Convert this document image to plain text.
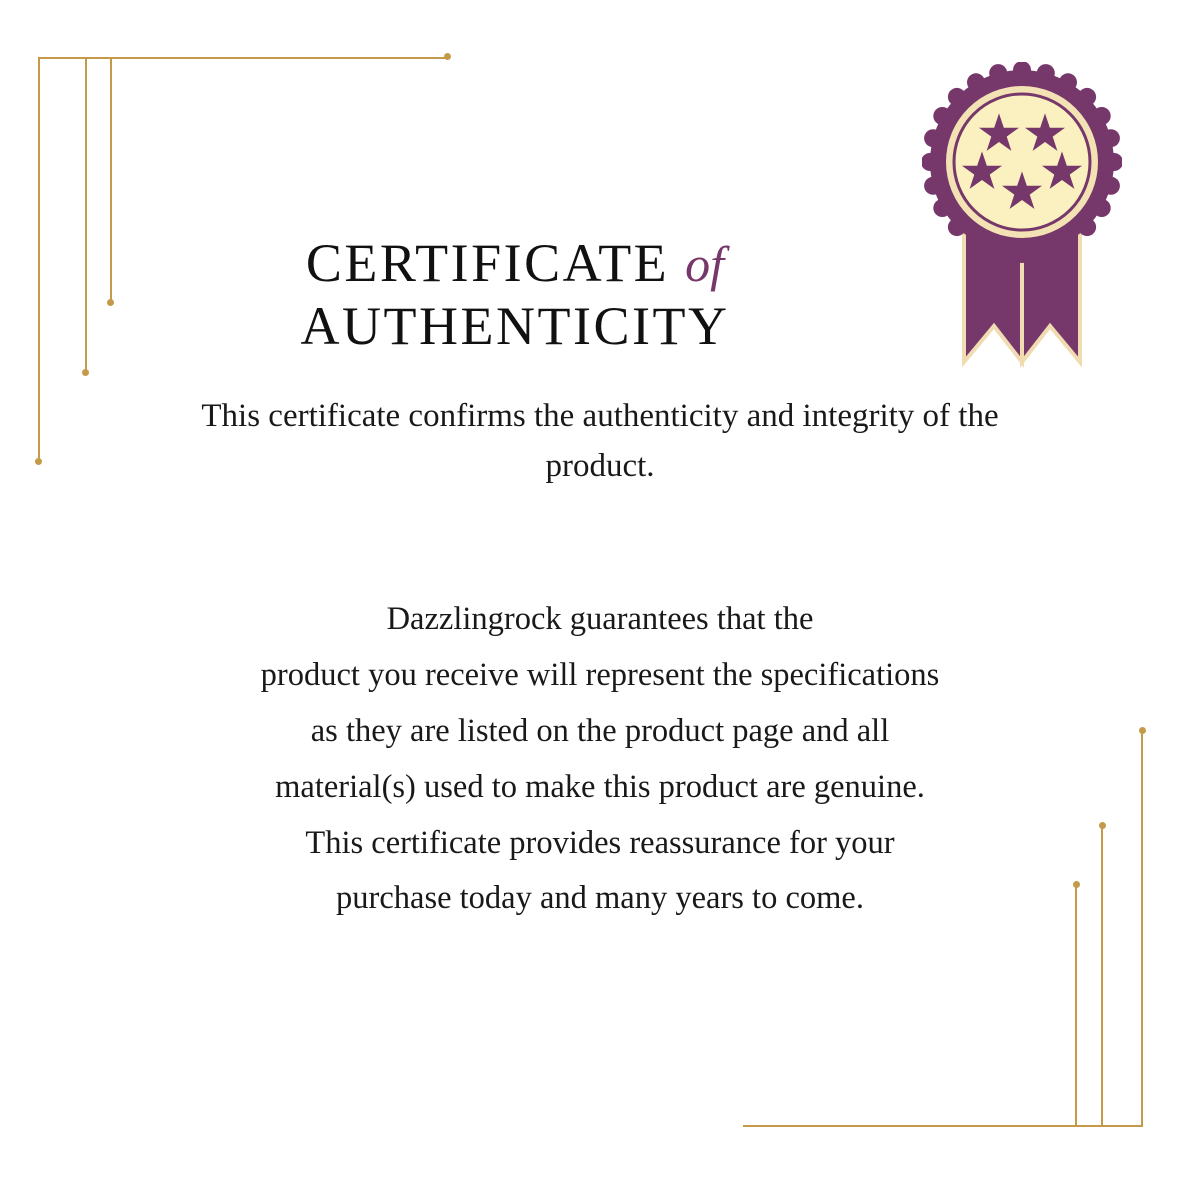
CERTIFICATE of
AUTHENTICITY
This certificate confirms the authenticity and integrity of the product.
Dazzlingrock guarantees that the
product you receive will represent the specifications
as they are listed on the product page and all
material(s) used to make this product are genuine.
This certificate provides reassurance for your
purchase today and many years to come.
